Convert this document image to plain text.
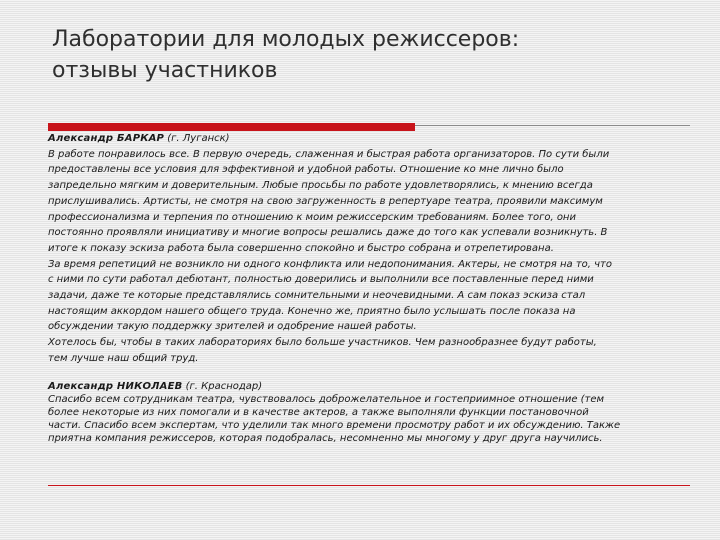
Лаборатории для молодых режиссеров:
отзывы участников
Александр БАРКАР (г. Луганск)
В работе понравилось все. В первую очередь, слаженная и быстрая работа организаторов. По сути были
предоставлены все условия для эффективной и удобной работы. Отношение ко мне лично было
запредельно мягким и доверительным. Любые просьбы по работе удовлетворялись, к мнению всегда
прислушивались. Артисты, не смотря на свою загруженность в репертуаре театра, проявили максимум
профессионализма и терпения по отношению к моим режиссерским требованиям. Более того, они
постоянно проявляли инициативу и многие вопросы решались даже до того как успевали возникнуть. В
итоге к показу эскиза работа была совершенно спокойно и быстро собрана и отрепетирована.
За время репетиций не возникло ни одного конфликта или недопонимания. Актеры, не смотря на то, что
с ними по сути работал дебютант, полностью доверились и выполнили все поставленные перед ними
задачи, даже те которые представлялись сомнительными и неочевидными. А сам показ эскиза стал
настоящим аккордом нашего общего труда. Конечно же, приятно было услышать после показа на
обсуждении такую поддержку зрителей и одобрение нашей работы.
Хотелось бы, чтобы в таких лабораториях было больше участников. Чем разнообразнее будут работы,
тем лучше наш общий труд.
Александр НИКОЛАЕВ (г. Краснодар)
Спасибо всем сотрудникам театра, чувствовалось доброжелательное и гостеприимное отношение (тем
более некоторые из них помогали и в качестве актеров, а также выполняли функции постановочной
части. Спасибо всем экспертам, что уделили так много времени просмотру работ и их обсуждению. Также
приятна компания режиссеров, которая подобралась, несомненно мы многому у друг друга научились.
